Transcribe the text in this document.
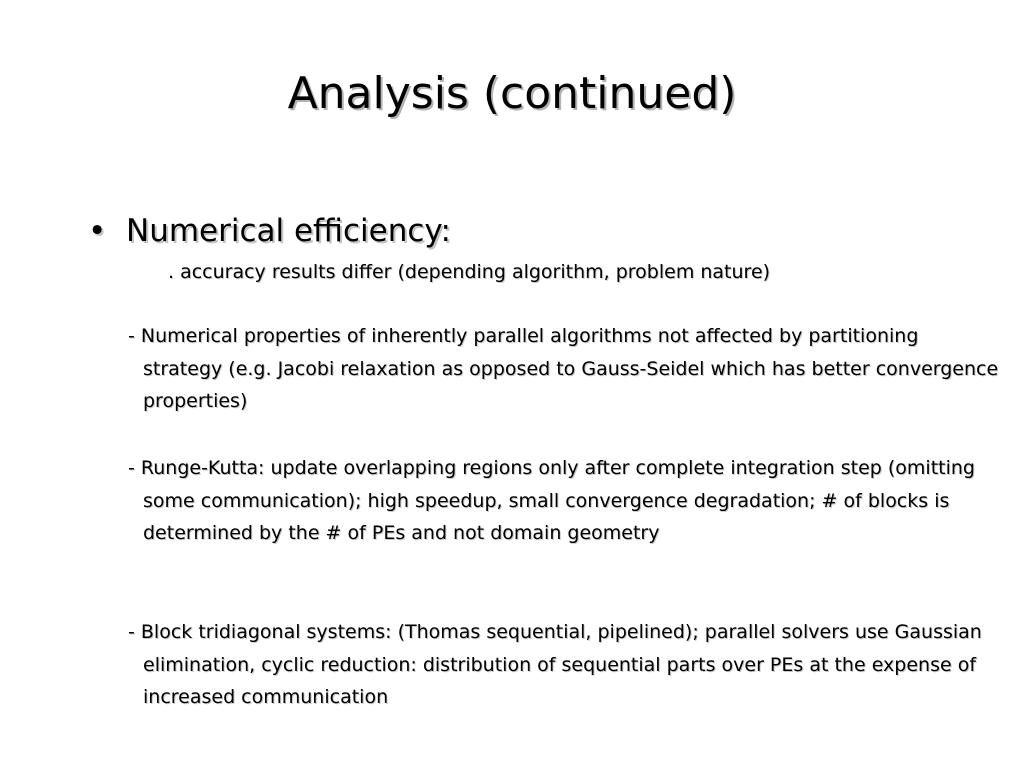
Analysis (continued)
• Numerical efficiency:
. accuracy results differ (depending algorithm, problem nature)
- Numerical properties of inherently parallel algorithms not affected by partitioning strategy (e.g. Jacobi relaxation as opposed to Gauss-Seidel which has better convergence properties)
- Runge-Kutta: update overlapping regions only after complete integration step (omitting some communication); high speedup, small convergence degradation; # of blocks is determined by the # of PEs and not domain geometry
- Block tridiagonal systems: (Thomas sequential, pipelined); parallel solvers use Gaussian elimination, cyclic reduction: distribution of sequential parts over PEs at the expense of increased communication
